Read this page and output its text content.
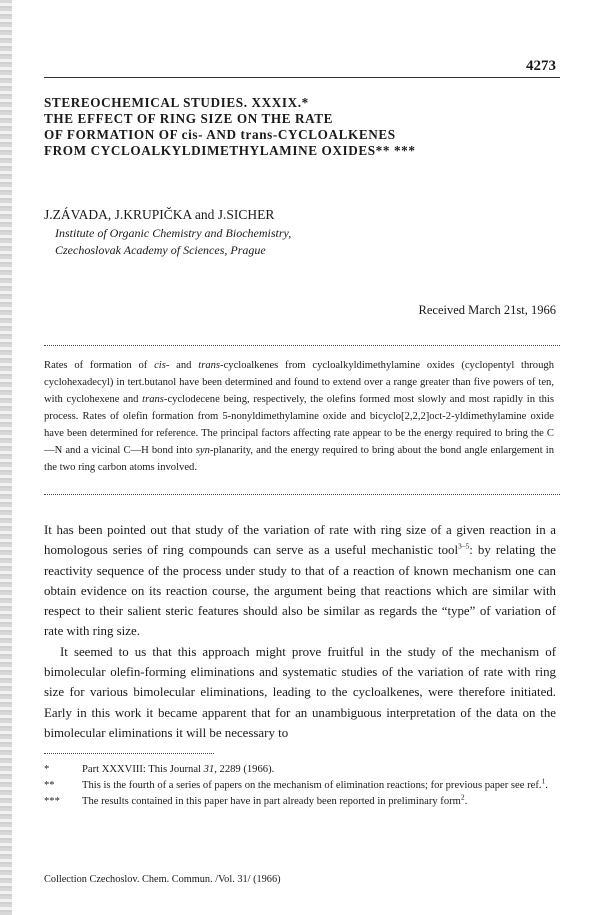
4273
STEREOCHEMICAL STUDIES. XXXIX.*
THE EFFECT OF RING SIZE ON THE RATE
OF FORMATION OF cis- AND trans-CYCLOALKENES
FROM CYCLOALKYLDIMETHYLAMINE OXIDES** ***
J.ZÁVADA, J.KRUPIČKA and J.SICHER
Institute of Organic Chemistry and Biochemistry,
Czechoslovak Academy of Sciences, Prague
Received March 21st, 1966

Rates of formation of cis- and trans-cycloalkenes from cycloalkyldimethylamine oxides (cyclopentyl through cyclohexadecyl) in tert.butanol have been determined and found to extend over a range greater than five powers of ten, with cyclohexene and trans-cyclodecene being, respectively, the olefins formed most slowly and most rapidly in this process. Rates of olefin formation from 5-nonyldimethylamine oxide and bicyclo[2,2,2]oct-2-yldimethylamine oxide have been determined for reference. The principal factors affecting rate appear to be the energy required to bring the C—N and a vicinal C—H bond into syn-planarity, and the energy required to bring about the bond angle enlargement in the two ring carbon atoms involved.

It has been pointed out that study of the variation of rate with ring size of a given reaction in a homologous series of ring compounds can serve as a useful mechanistic tool$^{3-5}$: by relating the reactivity sequence of the process under study to that of a reaction of known mechanism one can obtain evidence on its reaction course, the argument being that reactions which are similar with respect to their salient steric features should also be similar as regards the “type” of variation of rate with ring size.

It seemed to us that this approach might prove fruitful in the study of the mechanism of bimolecular olefin-forming eliminations and systematic studies of the variation of rate with ring size for various bimolecular eliminations, leading to the cycloalkenes, were therefore initiated. Early in this work it became apparent that for an unambiguous interpretation of the data on the bimolecular eliminations it will be necessary to

*	Part XXXVIII: This Journal 31, 2289 (1966).

**	This is the fourth of a series of papers on the mechanism of elimination reactions; for previous paper see ref.$^1$.

*** The results contained in this paper have in part already been reported in preliminary form$^2$.

Collection Czechoslov. Chem. Commun. /Vol. 31/ (1966)
